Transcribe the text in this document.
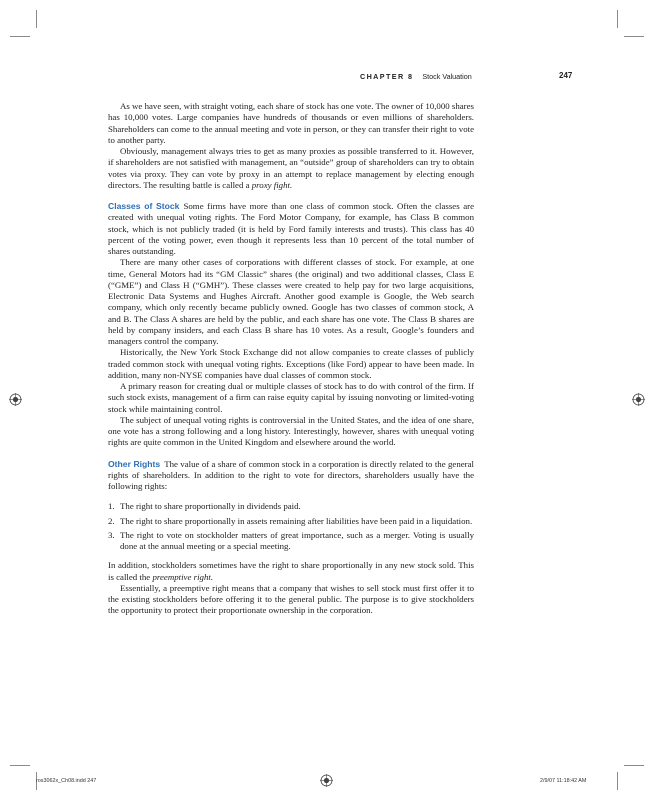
CHAPTER 8 Stock Valuation	247

As we have seen, with straight voting, each share of stock has one vote. The owner of 10,000 shares has 10,000 votes. Large companies have hundreds of thousands or even millions of shareholders. Shareholders can come to the annual meeting and vote in person, or they can transfer their right to vote to another party.

Obviously, management always tries to get as many proxies as possible transferred to it. However, if shareholders are not satisfied with management, an “outside” group of shareholders can try to obtain votes via proxy. They can vote by proxy in an attempt to replace management by electing enough directors. The resulting battle is called a proxy fight.

Classes of Stock Some firms have more than one class of common stock. Often the classes are created with unequal voting rights. The Ford Motor Company, for example, has Class B common stock, which is not publicly traded (it is held by Ford family interests and trusts). This class has 40 percent of the voting power, even though it represents less than 10 percent of the total number of shares outstanding.

There are many other cases of corporations with different classes of stock. For example, at one time, General Motors had its “GM Classic” shares (the original) and two additional classes, Class E (“GME”) and Class H (“GMH”). These classes were created to help pay for two large acquisitions, Electronic Data Systems and Hughes Aircraft. Another good example is Google, the Web search company, which only recently became publicly owned. Google has two classes of common stock, A and B. The Class A shares are held by the public, and each share has one vote. The Class B shares are held by company insiders, and each Class B share has 10 votes. As a result, Google’s founders and managers control the company.

Historically, the New York Stock Exchange did not allow companies to create classes of publicly traded common stock with unequal voting rights. Exceptions (like Ford) appear to have been made. In addition, many non-NYSE companies have dual classes of common stock.

A primary reason for creating dual or multiple classes of stock has to do with control of the firm. If such stock exists, management of a firm can raise equity capital by issuing nonvoting or limited-voting stock while maintaining control.

The subject of unequal voting rights is controversial in the United States, and the idea of one share, one vote has a strong following and a long history. Interestingly, however, shares with unequal voting rights are quite common in the United Kingdom and elsewhere around the world.

Other Rights The value of a share of common stock in a corporation is directly related to the general rights of shareholders. In addition to the right to vote for directors, shareholders usually have the following rights:

1. The right to share proportionally in dividends paid.
2. The right to share proportionally in assets remaining after liabilities have been paid in a liquidation.
3. The right to vote on stockholder matters of great importance, such as a merger. Voting is usually done at the annual meeting or a special meeting.

In addition, stockholders sometimes have the right to share proportionally in any new stock sold. This is called the preemptive right.

Essentially, a preemptive right means that a company that wishes to sell stock must first offer it to the existing stockholders before offering it to the general public. The purpose is to give stockholders the opportunity to protect their proportionate ownership in the corporation.

ros3062x_Ch08.indd 247	2/9/07 11:18:42 AM
